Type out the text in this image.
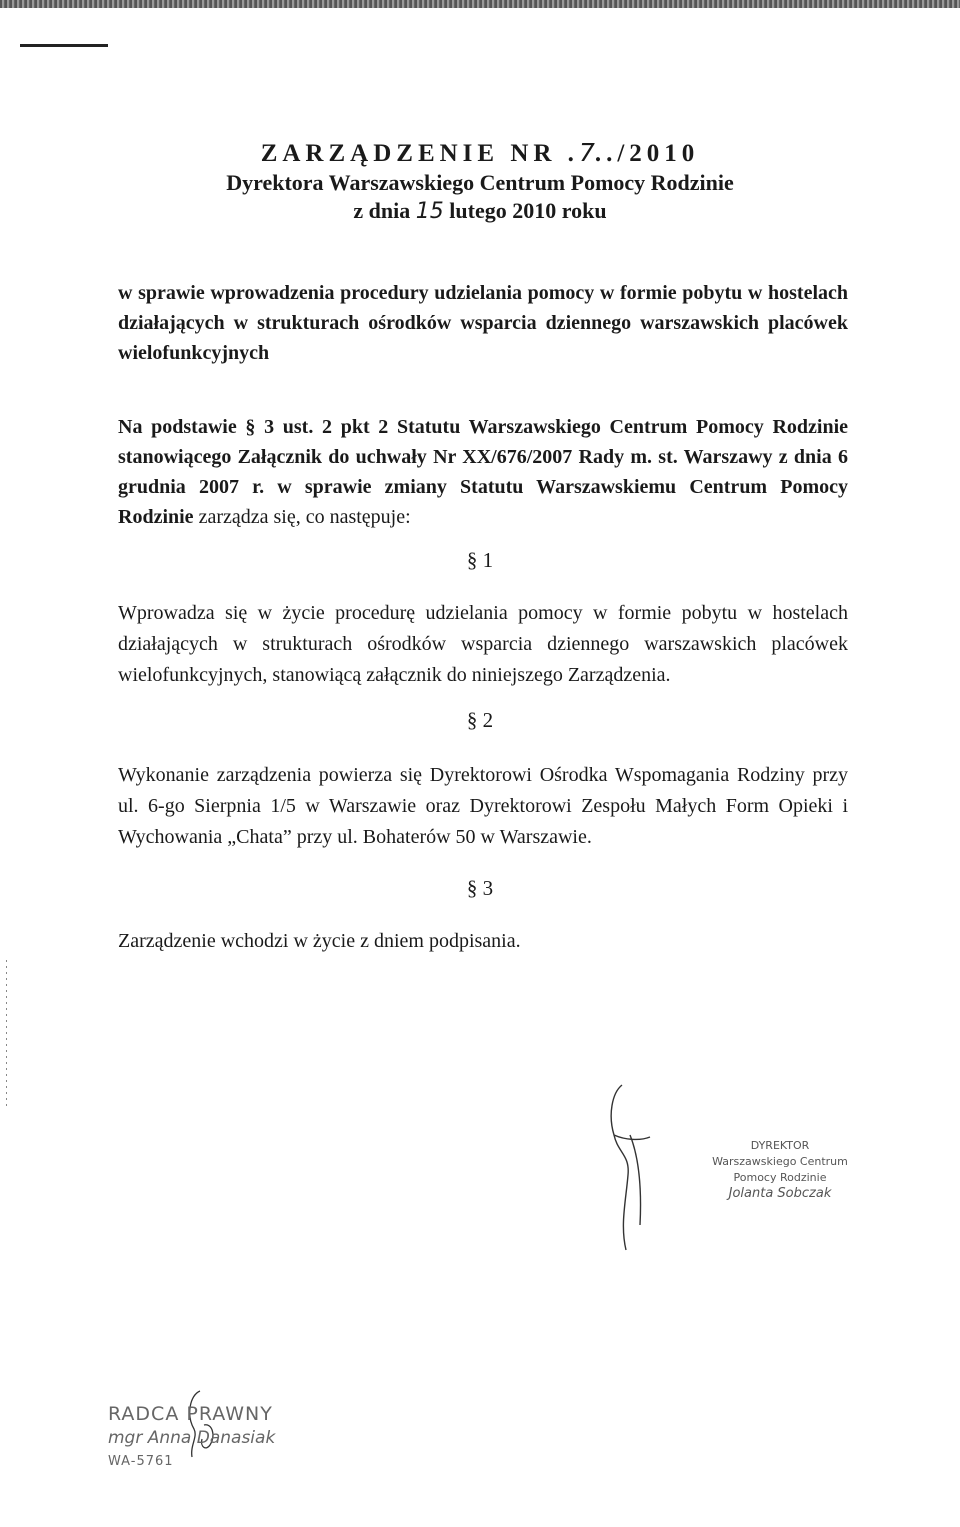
ZARZĄDZENIE NR .7../2010
Dyrektora Warszawskiego Centrum Pomocy Rodzinie
z dnia 15 lutego 2010 roku
w sprawie wprowadzenia procedury udzielania pomocy w formie pobytu w hostelach działających w strukturach ośrodków wsparcia dziennego warszawskich placówek wielofunkcyjnych
Na podstawie § 3 ust. 2 pkt 2 Statutu Warszawskiego Centrum Pomocy Rodzinie stanowiącego Załącznik do uchwały Nr XX/676/2007 Rady m. st. Warszawy z dnia 6 grudnia 2007 r. w sprawie zmiany Statutu Warszawskiemu Centrum Pomocy Rodzinie zarządza się, co następuje:
§ 1
Wprowadza się w życie procedurę udzielania pomocy w formie pobytu w hostelach działających w strukturach ośrodków wsparcia dziennego warszawskich placówek wielofunkcyjnych, stanowiącą załącznik do niniejszego Zarządzenia.
§ 2
Wykonanie zarządzenia powierza się Dyrektorowi Ośrodka Wspomagania Rodziny przy ul. 6-go Sierpnia 1/5 w Warszawie oraz Dyrektorowi Zespołu Małych Form Opieki i Wychowania „Chata” przy ul. Bohaterów 50 w Warszawie.
§ 3
Zarządzenie wchodzi w życie z dniem podpisania.
DYREKTOR
Warszawskiego Centrum Pomocy Rodzinie
Jolanta Sobczak
RADCA PRAWNY
mgr Anna Danasiak
WA-5761
